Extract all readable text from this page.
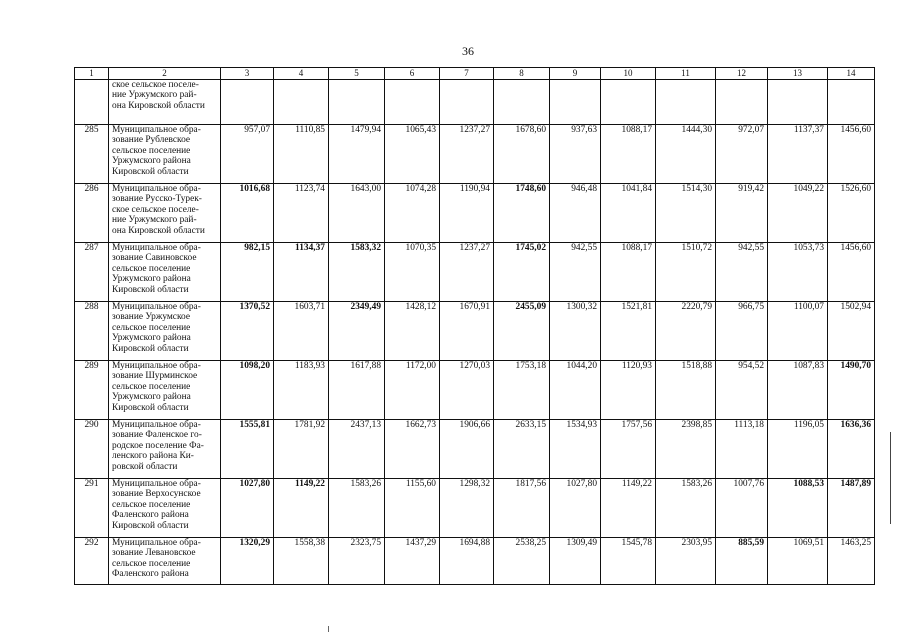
36
1	2	3	4	5	6	7	8	9	10	11	12	13	14
	ское сельское поселе-
ние Уржумского рай-
она Кировской области												
285	Муниципальное обра-
зование Рублевское
сельское поселение
Уржумского района
Кировской области	957,07	1110,85	1479,94	1065,43	1237,27	1678,60	937,63	1088,17	1444,30	972,07	1137,37	1456,60
286	Муниципальное обра-
зование Русско-Турек-
ское сельское поселе-
ние Уржумского рай-
она Кировской области	1016,68	1123,74	1643,00	1074,28	1190,94	1748,60	946,48	1041,84	1514,30	919,42	1049,22	1526,60
287	Муниципальное обра-
зование Савиновское
сельское поселение
Уржумского района
Кировской области	982,15	1134,37	1583,32	1070,35	1237,27	1745,02	942,55	1088,17	1510,72	942,55	1053,73	1456,60
288	Муниципальное обра-
зование Уржумское
сельское поселение
Уржумского района
Кировской области	1370,52	1603,71	2349,49	1428,12	1670,91	2455,09	1300,32	1521,81	2220,79	966,75	1100,07	1502,94
289	Муниципальное обра-
зование Шурминское
сельское поселение
Уржумского района
Кировской области	1098,20	1183,93	1617,88	1172,00	1270,03	1753,18	1044,20	1120,93	1518,88	954,52	1087,83	1490,70
290	Муниципальное обра-
зование Фаленское го-
родское поселение Фа-
ленского района Ки-
ровской области	1555,81	1781,92	2437,13	1662,73	1906,66	2633,15	1534,93	1757,56	2398,85	1113,18	1196,05	1636,36
291	Муниципальное обра-
зование Верхосунское
сельское поселение
Фаленского района
Кировской области	1027,80	1149,22	1583,26	1155,60	1298,32	1817,56	1027,80	1149,22	1583,26	1007,76	1088,53	1487,89
292	Муниципальное обра-
зование Левановское
сельское поселение
Фаленского района	1320,29	1558,38	2323,75	1437,29	1694,88	2538,25	1309,49	1545,78	2303,95	885,59	1069,51	1463,25
